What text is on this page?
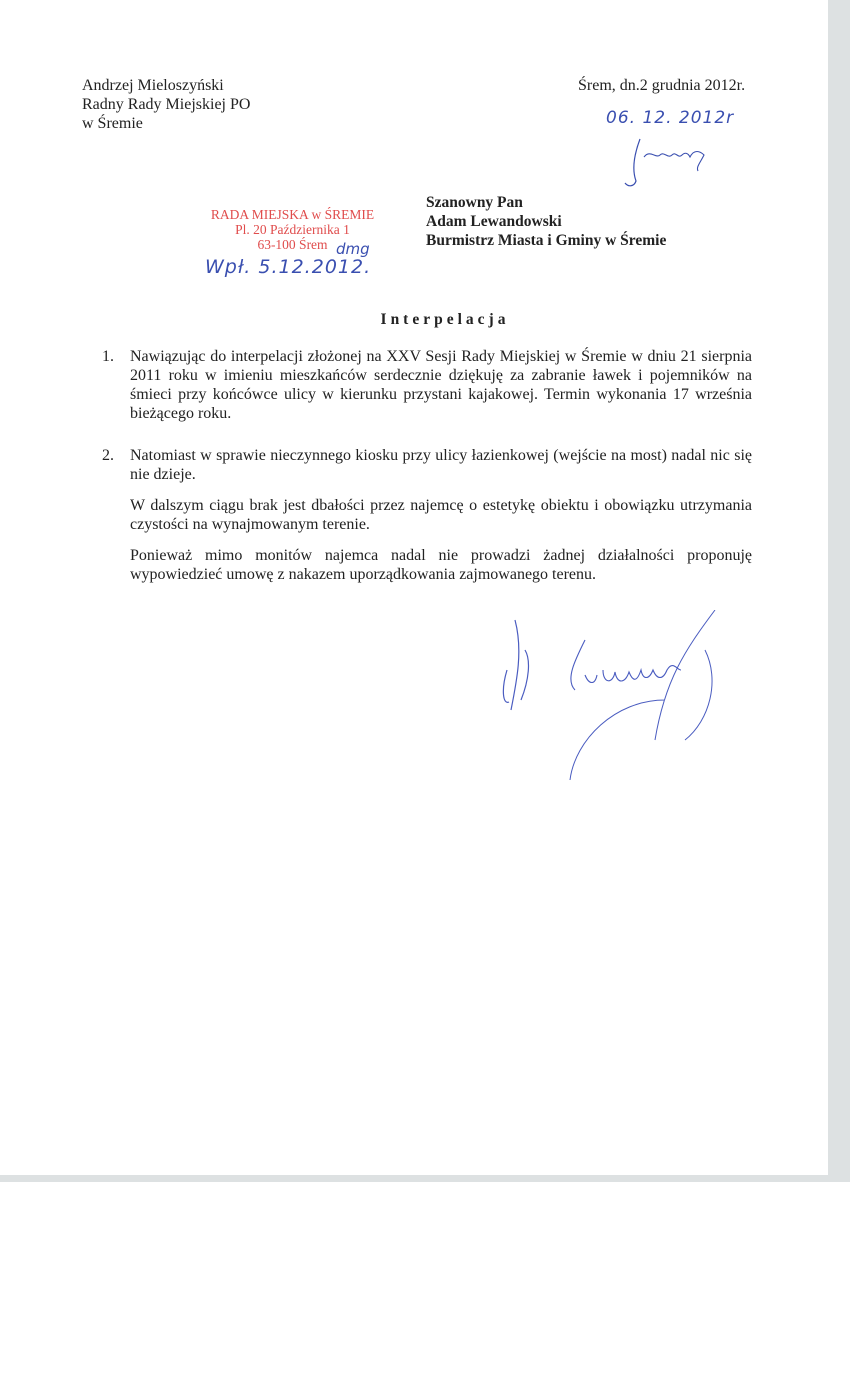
Andrzej Mieloszyński
Radny Rady Miejskiej PO
w Śremie
Śrem, dn.2 grudnia 2012r.
06. 12. 2012r
Szanowny Pan
Adam Lewandowski
Burmistrz Miasta i Gminy w Śremie
RADA MIEJSKA w ŚREMIE
Pl. 20 Października 1
63-100 Śrem dmg
Wpł. 5.12.2012.
Interpelacja
1. Nawiązując do interpelacji złożonej na XXV Sesji Rady Miejskiej w Śremie w dniu 21 sierpnia 2011 roku w imieniu mieszkańców serdecznie dziękuję za zabranie ławek i pojemników na śmieci przy końcówce ulicy w kierunku przystani kajakowej. Termin wykonania 17 września bieżącego roku.

2. Natomiast w sprawie nieczynnego kiosku przy ulicy łazienkowej (wejście na most) nadal nic się nie dzieje.

W dalszym ciągu brak jest dbałości przez najemcę o estetykę obiektu i obowiązku utrzymania czystości na wynajmowanym terenie.

Ponieważ mimo monitów najemca nadal nie prowadzi żadnej działalności proponuję wypowiedzieć umowę z nakazem uporządkowania zajmowanego terenu.
